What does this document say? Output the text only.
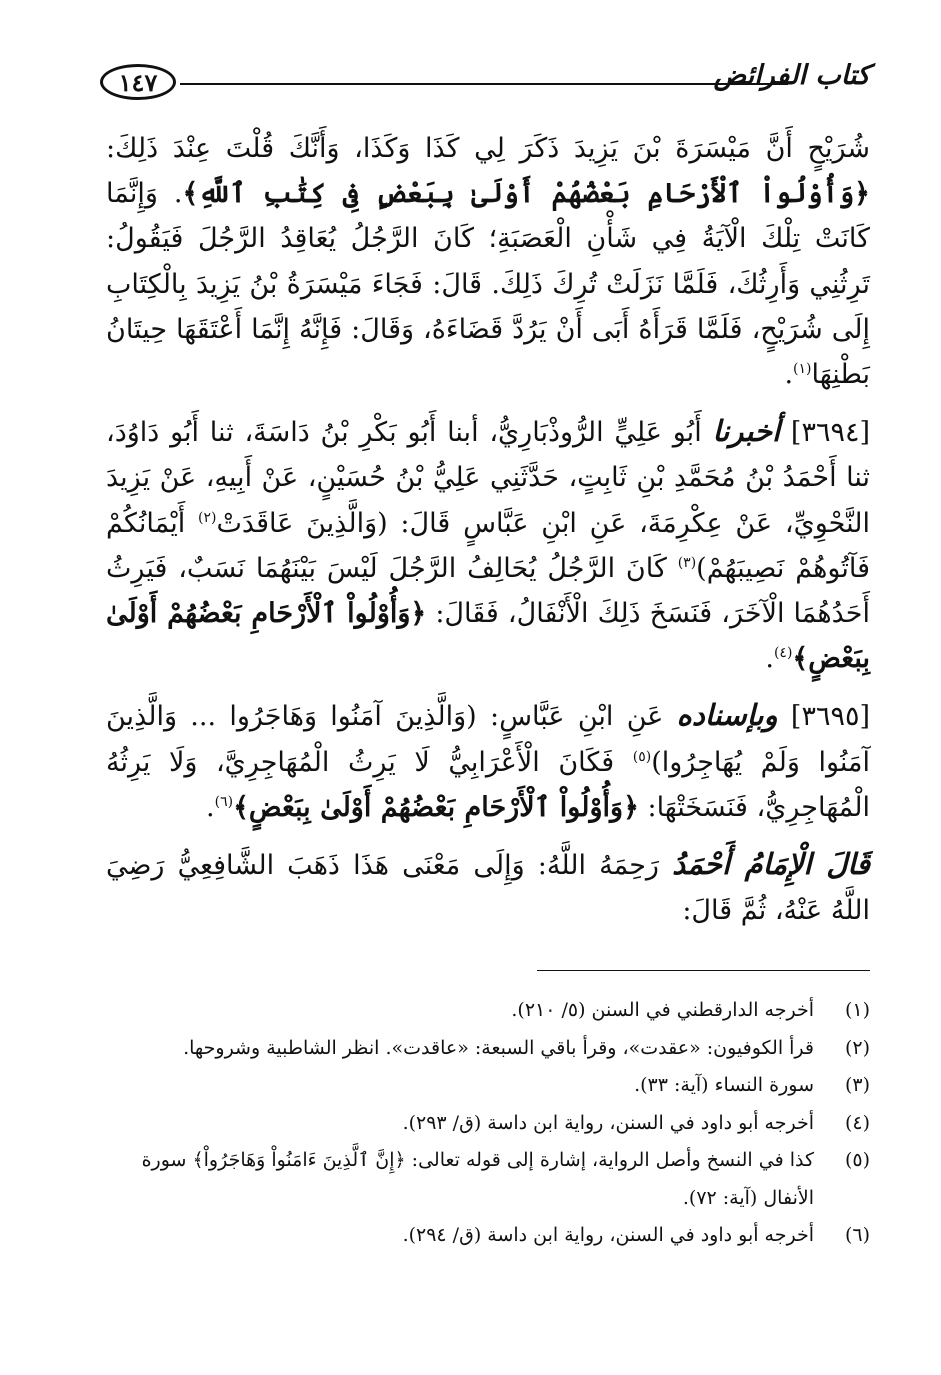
١٤٧	كتاب الفرائض

شُرَيْحٍ أَنَّ مَيْسَرَةَ بْنَ يَزِيدَ ذَكَرَ لِي كَذَا وَكَذَا، وَأَنَّكَ قُلْتَ عِنْدَ ذَلِكَ: ﴿وَأُوْلُواْ ٱلْأَرْحَامِ بَعْضُهُمْ أَوْلَىٰ بِبَعْضٍ فِى كِتَٰبِ ٱللَّهِ﴾. وَإِنَّمَا كَانَتْ تِلْكَ الْآيَةُ فِي شَأْنِ الْعَصَبَةِ؛ كَانَ الرَّجُلُ يُعَاقِدُ الرَّجُلَ فَيَقُولُ: تَرِثُنِي وَأَرِثُكَ، فَلَمَّا نَزَلَتْ تُرِكَ ذَلِكَ. قَالَ: فَجَاءَ مَيْسَرَةُ بْنُ يَزِيدَ بِالْكِتَابِ إِلَى شُرَيْحٍ، فَلَمَّا قَرَأَهُ أَبَى أَنْ يَرُدَّ قَضَاءَهُ، وَقَالَ: فَإِنَّهُ إِنَّمَا أَعْتَقَهَا حِيتَانُ بَطْنِهَا$^{(١)}$.

[٣٦٩٤] أخبرنا أَبُو عَلِيٍّ الرُّوذْبَارِيُّ، أبنا أَبُو بَكْرِ بْنُ دَاسَةَ، ثنا أَبُو دَاوُدَ، ثنا أَحْمَدُ بْنُ مُحَمَّدِ بْنِ ثَابِتٍ، حَدَّثَنِي عَلِيُّ بْنُ حُسَيْنٍ، عَنْ أَبِيهِ، عَنْ يَزِيدَ النَّحْوِيِّ، عَنْ عِكْرِمَةَ، عَنِ ابْنِ عَبَّاسٍ قَالَ: (وَالَّذِينَ عَاقَدَتْ$^{(٢)}$ أَيْمَانُكُمْ فَآتُوهُمْ نَصِيبَهُمْ)$^{(٣)}$ كَانَ الرَّجُلُ يُحَالِفُ الرَّجُلَ لَيْسَ بَيْنَهُمَا نَسَبٌ، فَيَرِثُ أَحَدُهُمَا الْآخَرَ، فَنَسَخَ ذَلِكَ الْأَنْفَالُ، فَقَالَ: ﴿وَأُوْلُواْ ٱلْأَرْحَامِ بَعْضُهُمْ أَوْلَىٰ بِبَعْضٍ﴾$^{(٤)}$.

[٣٦٩٥] وبإسناده عَنِ ابْنِ عَبَّاسٍ: (وَالَّذِينَ آمَنُوا وَهَاجَرُوا ... وَالَّذِينَ آمَنُوا وَلَمْ يُهَاجِرُوا)$^{(٥)}$ فَكَانَ الْأَعْرَابِيُّ لَا يَرِثُ الْمُهَاجِرِيَّ، وَلَا يَرِثُهُ الْمُهَاجِرِيُّ، فَنَسَخَتْهَا: ﴿وَأُوْلُواْ ٱلْأَرْحَامِ بَعْضُهُمْ أَوْلَىٰ بِبَعْضٍ﴾$^{(٦)}$.

قَالَ الْإِمَامُ أَحْمَدُ رَحِمَهُ اللَّهُ: وَإِلَى مَعْنَى هَذَا ذَهَبَ الشَّافِعِيُّ رَضِيَ اللَّهُ عَنْهُ، ثُمَّ قَالَ:

(١)
أخرجه الدارقطني في السنن (٥/ ٢١٠).
(٢)
قرأ الكوفيون: «عقدت»، وقرأ باقي السبعة: «عاقدت». انظر الشاطبية وشروحها.
(٣)
سورة النساء (آية: ٣٣).
(٤)
أخرجه أبو داود في السنن، رواية ابن داسة (ق/ ٢٩٣).
(٥)
كذا في النسخ وأصل الرواية، إشارة إلى قوله تعالى: ﴿إِنَّ ٱلَّذِينَ ءَامَنُواْ وَهَاجَرُواْ﴾ سورة الأنفال (آية: ٧٢).
(٦)
أخرجه أبو داود في السنن، رواية ابن داسة (ق/ ٢٩٤).
